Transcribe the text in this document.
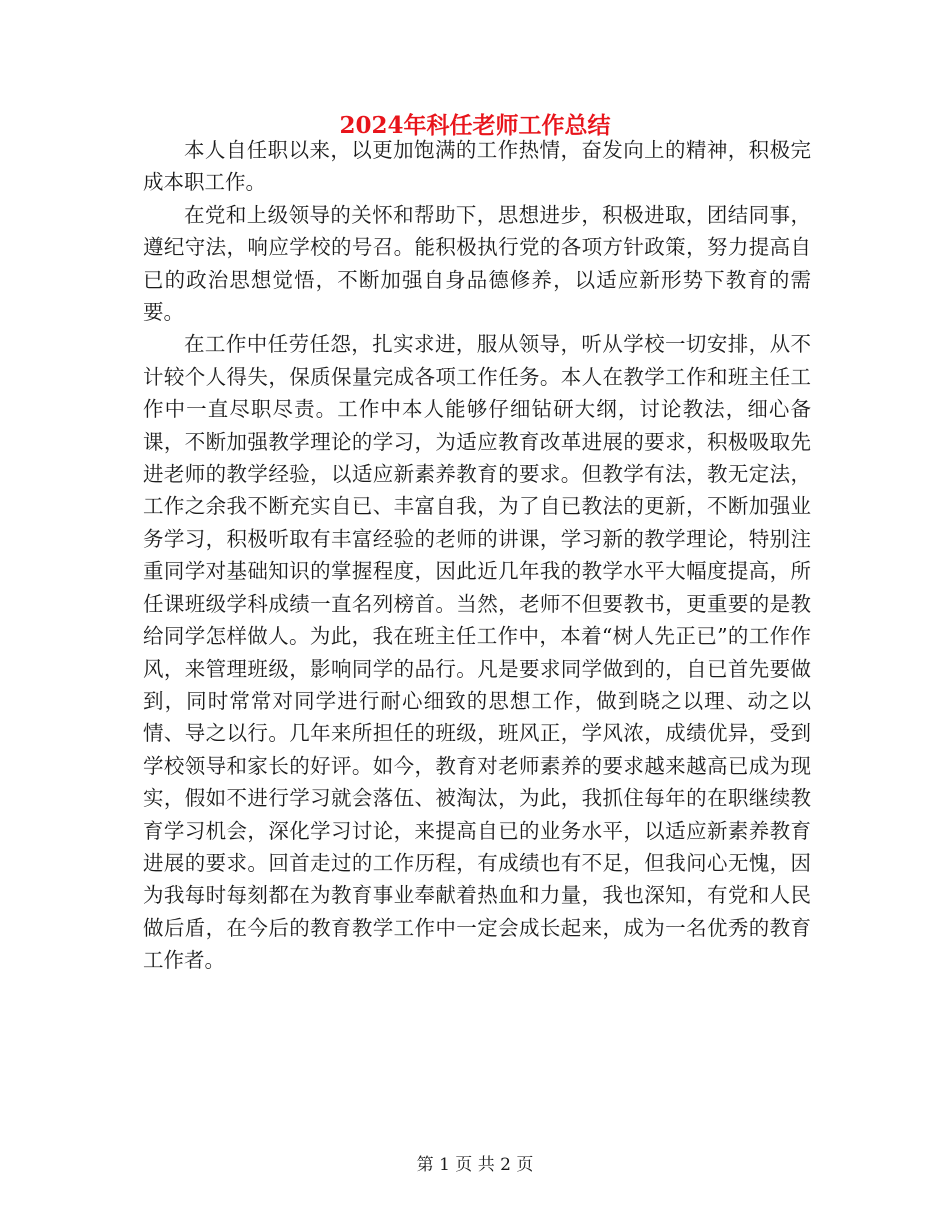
2024年科任老师工作总结

本人自任职以来，以更加饱满的工作热情，奋发向上的精神，积极完成本职工作。

在党和上级领导的关怀和帮助下，思想进步，积极进取，团结同事，遵纪守法，响应学校的号召。能积极执行党的各项方针政策，努力提高自已的政治思想觉悟，不断加强自身品德修养，以适应新形势下教育的需要。

在工作中任劳任怨，扎实求进，服从领导，听从学校一切安排，从不计较个人得失，保质保量完成各项工作任务。本人在教学工作和班主任工作中一直尽职尽责。工作中本人能够仔细钻研大纲，讨论教法，细心备课，不断加强教学理论的学习，为适应教育改革进展的要求，积极吸取先进老师的教学经验，以适应新素养教育的要求。但教学有法，教无定法，工作之余我不断充实自已、丰富自我，为了自已教法的更新，不断加强业务学习，积极听取有丰富经验的老师的讲课，学习新的教学理论，特别注重同学对基础知识的掌握程度，因此近几年我的教学水平大幅度提高，所任课班级学科成绩一直名列榜首。当然，老师不但要教书，更重要的是教给同学怎样做人。为此，我在班主任工作中，本着“树人先正已”的工作作风，来管理班级，影响同学的品行。凡是要求同学做到的，自已首先要做到，同时常常对同学进行耐心细致的思想工作，做到晓之以理、动之以情、导之以行。几年来所担任的班级，班风正，学风浓，成绩优异，受到学校领导和家长的好评。如今，教育对老师素养的要求越来越高已成为现实，假如不进行学习就会落伍、被淘汰，为此，我抓住每年的在职继续教育学习机会，深化学习讨论，来提高自已的业务水平，以适应新素养教育进展的要求。回首走过的工作历程，有成绩也有不足，但我问心无愧，因为我每时每刻都在为教育事业奉献着热血和力量，我也深知，有党和人民做后盾，在今后的教育教学工作中一定会成长起来，成为一名优秀的教育工作者。

第 1 页 共 2 页
